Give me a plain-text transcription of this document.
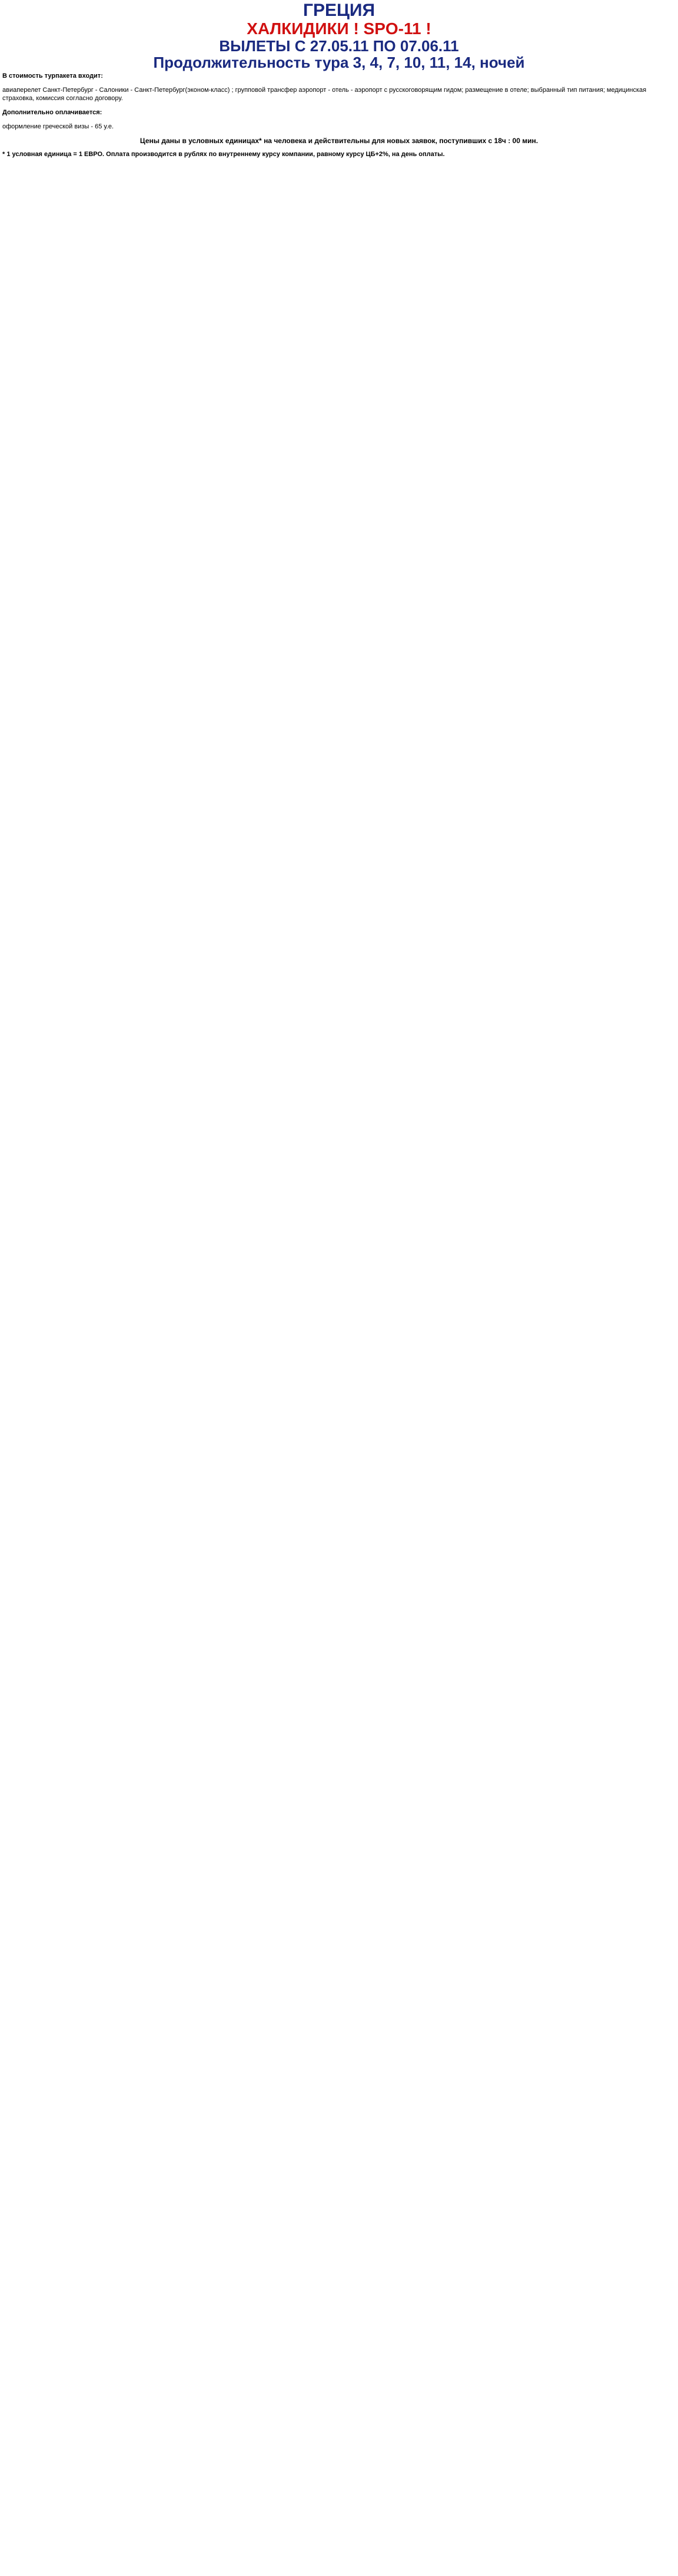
ГРЕЦИЯ
ХАЛКИДИКИ ! SPO-11 !
ВЫЛЕТЫ С 27.05.11 ПО 07.06.11
Продолжительность тура 3, 4, 7, 10, 11, 14, ночей
В стоимость турпакета входит:
авиаперелет Санкт-Петербург - Салоники - Санкт-Петербург(эконом-класс) ; групповой трансфер аэропорт - отель - аэропорт с русскоговорящим гидом; размещение в отеле; выбранный тип питания; медицинская страховка, комиссия согласно договору.
Дополнительно оплачивается:
оформление греческой визы - 65 у.е.
Цены даны в условных единицах* на человека и действительны для новых заявок, поступивших с 18ч : 00 мин.
* 1 условная единица = 1 ЕВРО. Оплата производится в рублях по внутреннему курсу компании, равному курсу ЦБ+2%, на день оплаты.
